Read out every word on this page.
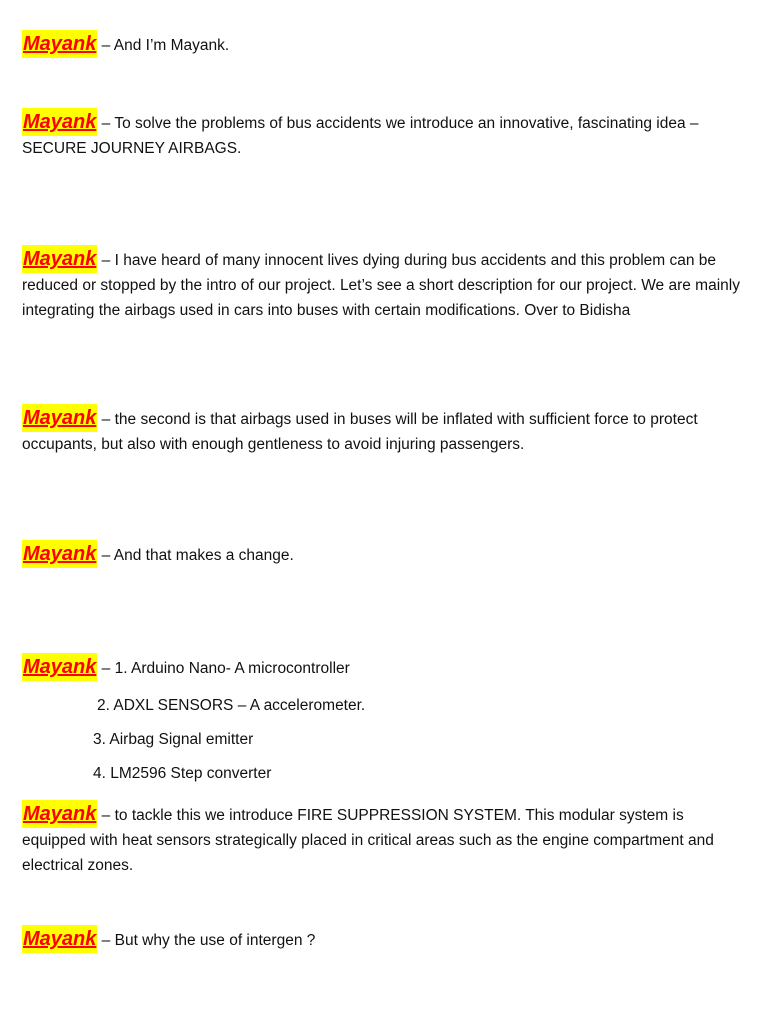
Mayank – And I’m Mayank.

Mayank – To solve the problems of bus accidents we introduce an innovative, fascinating idea – SECURE JOURNEY AIRBAGS.

Mayank – I have heard of many innocent lives dying during bus accidents and this problem can be reduced or stopped by the intro of our project. Let’s see a short description for our project. We are mainly integrating the airbags used in cars into buses with certain modifications. Over to Bidisha

Mayank – the second is that airbags used in buses will be inflated with sufficient force to protect occupants, but also with enough gentleness to avoid injuring passengers.

Mayank – And that makes a change.

Mayank – 1. Arduino Nano- A microcontroller

2. ADXL SENSORS – A accelerometer.

3. Airbag Signal emitter

4. LM2596 Step converter

Mayank – to tackle this we introduce FIRE SUPPRESSION SYSTEM. This modular system is equipped with heat sensors strategically placed in critical areas such as the engine compartment and electrical zones.

Mayank – But why the use of intergen ?
